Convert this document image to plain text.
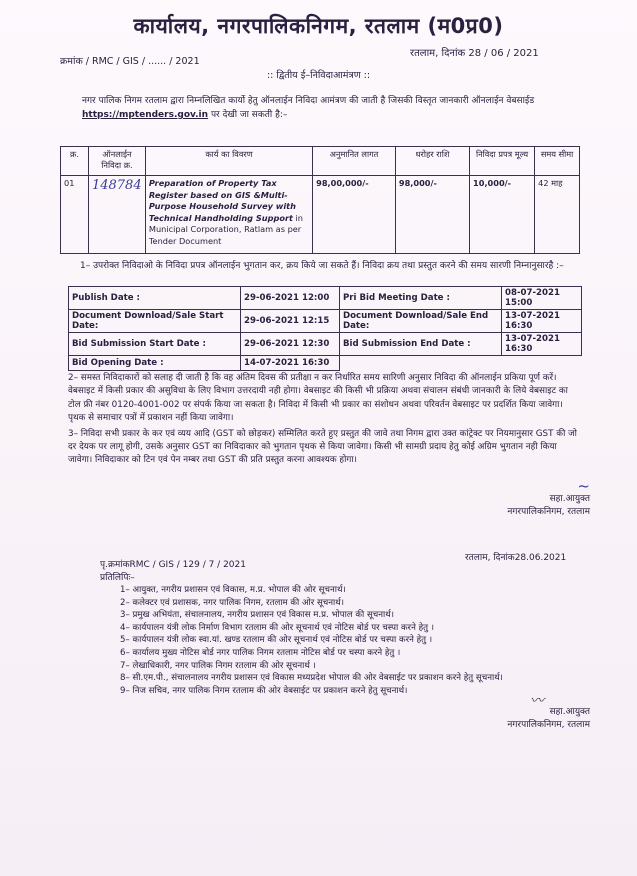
कार्यालय, नगरपालिकनिगम, रतलाम (म0प्र0)
रतलाम, दिनांक 28 / 06 / 2021
क्रमांक / RMC / GIS / ...... / 2021
:: द्वितीय ई–निविदाआमंत्रण ::
नगर पालिक निगम रतलाम द्वारा निम्नलिखित कार्यो हेतु ऑनलाईन निविदा आमंत्रण की जाती है जिसकी विस्तृत जानकारी ऑनलाईन वेबसाईड https://mptenders.gov.in पर देखी जा सकती है:–
क्र.	ऑनलाईन निविदा क्र.	कार्य का विवरण	अनुमानित लागत	धरोहर राशि	निविदा प्रपत्र मूल्य	समय सीमा
01	148784	Preparation of Property Tax Register based on GIS &Multi-Purpose Household Survey with Technical Handholding Support in Municipal Corporation, Ratlam as per Tender Document	98,00,000/-	98,000/-	10,000/-	42 माह
1– उपरोक्त निविदाओ के निविदा प्रपत्र ऑनलाईन भुगतान कर, क्रय किये जा सकते हैं। निविदा क्रय तथा प्रस्तुत करने की समय सारणी निम्नानुसारहै :–
Publish Date :	29-06-2021 12:00	Pri Bid Meeting Date :	08-07-2021 15:00
Document Download/Sale Start Date:	29-06-2021 12:15	Document Download/Sale End Date:	13-07-2021 16:30
Bid Submission Start Date :	29-06-2021 12:30	Bid Submission End Date :	13-07-2021 16:30
Bid Opening Date :	14-07-2021 16:30		
2– समस्त निविदाकारों को सलाह दी जाती है कि वह अंतिम दिवस की प्रतीक्षा न कर निर्धारित समय सारिणी अनुसार निविदा की ऑनलाईन प्रकिया पूर्ण करें। वेबसाइट में किसी प्रकार की असुविधा के लिए विभाग उत्तरदायी नही होगा। वेबसाइट की किसी भी प्रक्रिया अथवा संचालन संबंधी जानकारी के लिये वेबसाइट का टोल फ्री नंबर 0120-4001-002 पर संपर्क किया जा सकता है। निविदा में किसी भी प्रकार का संशोधन अथवा परिवर्तन वेबसाइट पर प्रदर्शित किया जावेगा। पृथक से समाचार पत्रों में प्रकाशन नहीं किया जावेगा।
3– निविदा सभी प्रकार के कर एवं व्यय आदि (GST को छोड़कर) सम्मिलित करते हुए प्रस्तुत की जावे तथा निगम द्वारा उक्त कांट्रेक्ट पर नियमानुसार GST की जो दर देयक पर लागू होगी, उसके अनुसार GST का निविदाकार को भुगतान पृथक से किया जावेगा। किसी भी सामग्री प्रदाय हेतु कोई अग्रिम भुगतान नही किया जावेगा। निविदाकार को टिन एवं पेन नम्बर तथा GST की प्रति प्रस्तुत करना आवश्यक होगा।
~
सहा.आयुक्त
नगरपालिकनिगम, रतलाम
रतलाम, दिनांक28.06.2021
पृ.क्रमांकRMC / GIS / 129 / 7 / 2021
प्रतिलिपिः–
1– आयुक्त, नगरीय प्रशासन एवं विकास, म.प्र. भोपाल की ओर सूचनार्थ।
2– कलेक्टर एवं प्रशासक, नगर पालिक निगम, रतलाम की ओर सूचनार्थ।
3– प्रमुख अभियंता, संचालनालय, नगरीय प्रशासन एवं विकास म.प्र. भोपाल की सूचनार्थ।
4– कार्यपालन यंत्री लोक निर्माण विभाग रतलाम की ओर सूचनार्थ एवं नोटिस बोर्ड पर चस्पा करने हेतु ।
5– कार्यपालन यंत्री लोक स्वा.यां. खण्ड रतलाम की ओर सूचनार्थ एवं नोटिस बोर्ड पर चस्पा करने हेतु ।
6– कार्यालय मुख्य नोटिस बोर्ड नगर पालिक निगम रतलाम नोटिस बोर्ड पर चस्पा करने हेतु ।
7– लेखाधिकारी, नगर पालिक निगम रतलाम की ओर सूचनार्थ ।
8– सी.एम.पी., संचालनालय नगरीय प्रशासन एवं विकास मध्यप्रदेश भोपाल की ओर वेबसाईट पर प्रकाशन करने हेतु सूचनार्थ।
9– निज सचिव, नगर पालिक निगम रतलाम की ओर वेबसाईट पर प्रकाशन करने हेतु सूचनार्थ।
〰
सहा.आयुक्त
नगरपालिकनिगम, रतलाम
